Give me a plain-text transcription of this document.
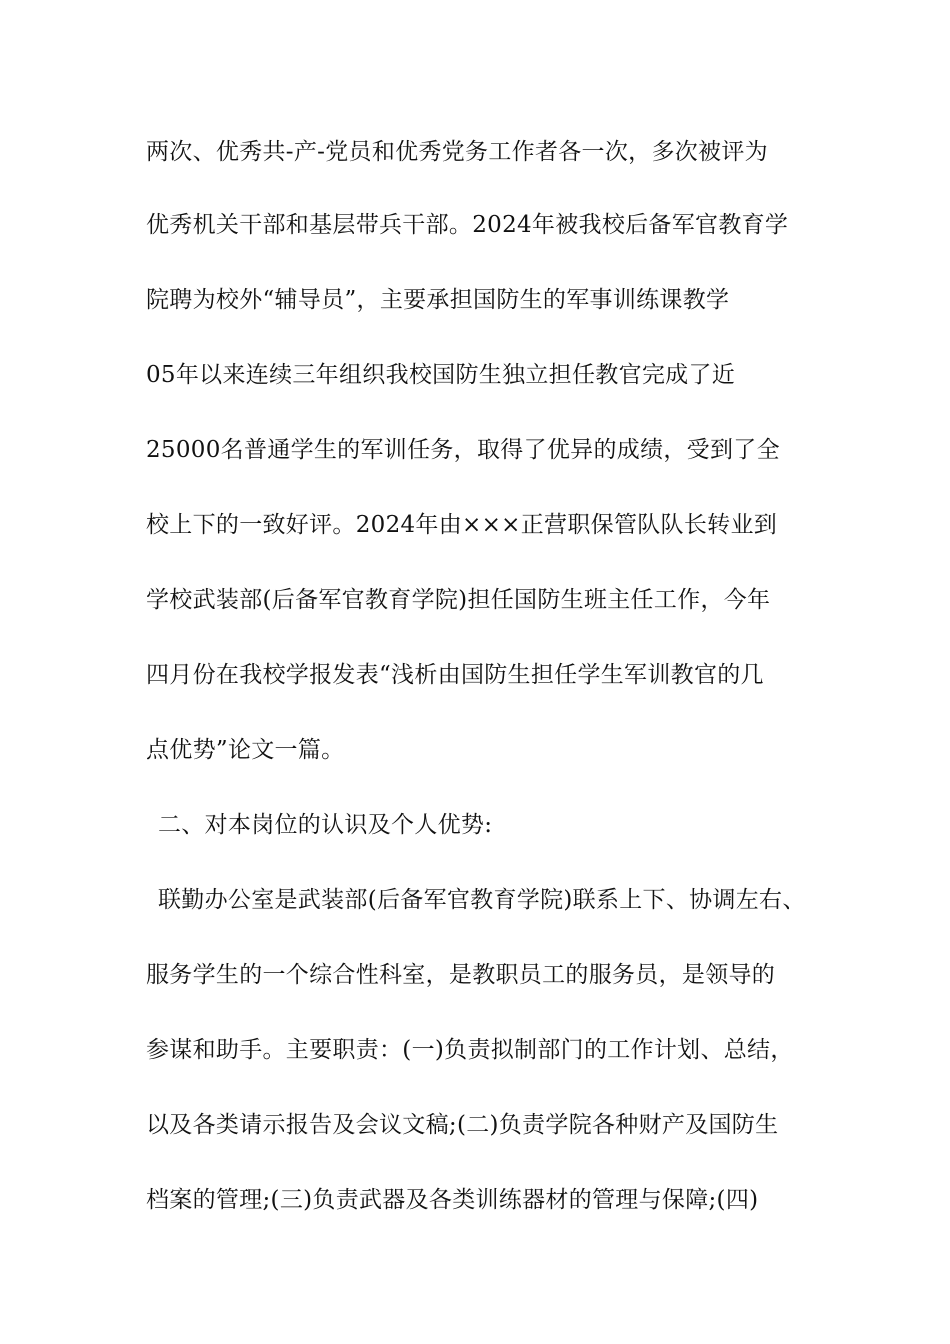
两次、优秀共-产-党员和优秀党务工作者各一次，多次被评为
优秀机关干部和基层带兵干部。2024年被我校后备军官教育学
院聘为校外“辅导员”，主要承担国防生的军事训练课教学
05年以来连续三年组织我校国防生独立担任教官完成了近
25000名普通学生的军训任务，取得了优异的成绩，受到了全
校上下的一致好评。2024年由×××正营职保管队队长转业到
学校武装部(后备军官教育学院)担任国防生班主任工作，今年
四月份在我校学报发表“浅析由国防生担任学生军训教官的几
点优势”论文一篇。
二、对本岗位的认识及个人优势:
联勤办公室是武装部(后备军官教育学院)联系上下、协调左右、
服务学生的一个综合性科室，是教职员工的服务员，是领导的
参谋和助手。主要职责：(一)负责拟制部门的工作计划、总结，
以及各类请示报告及会议文稿;(二)负责学院各种财产及国防生
档案的管理;(三)负责武器及各类训练器材的管理与保障;(四)
